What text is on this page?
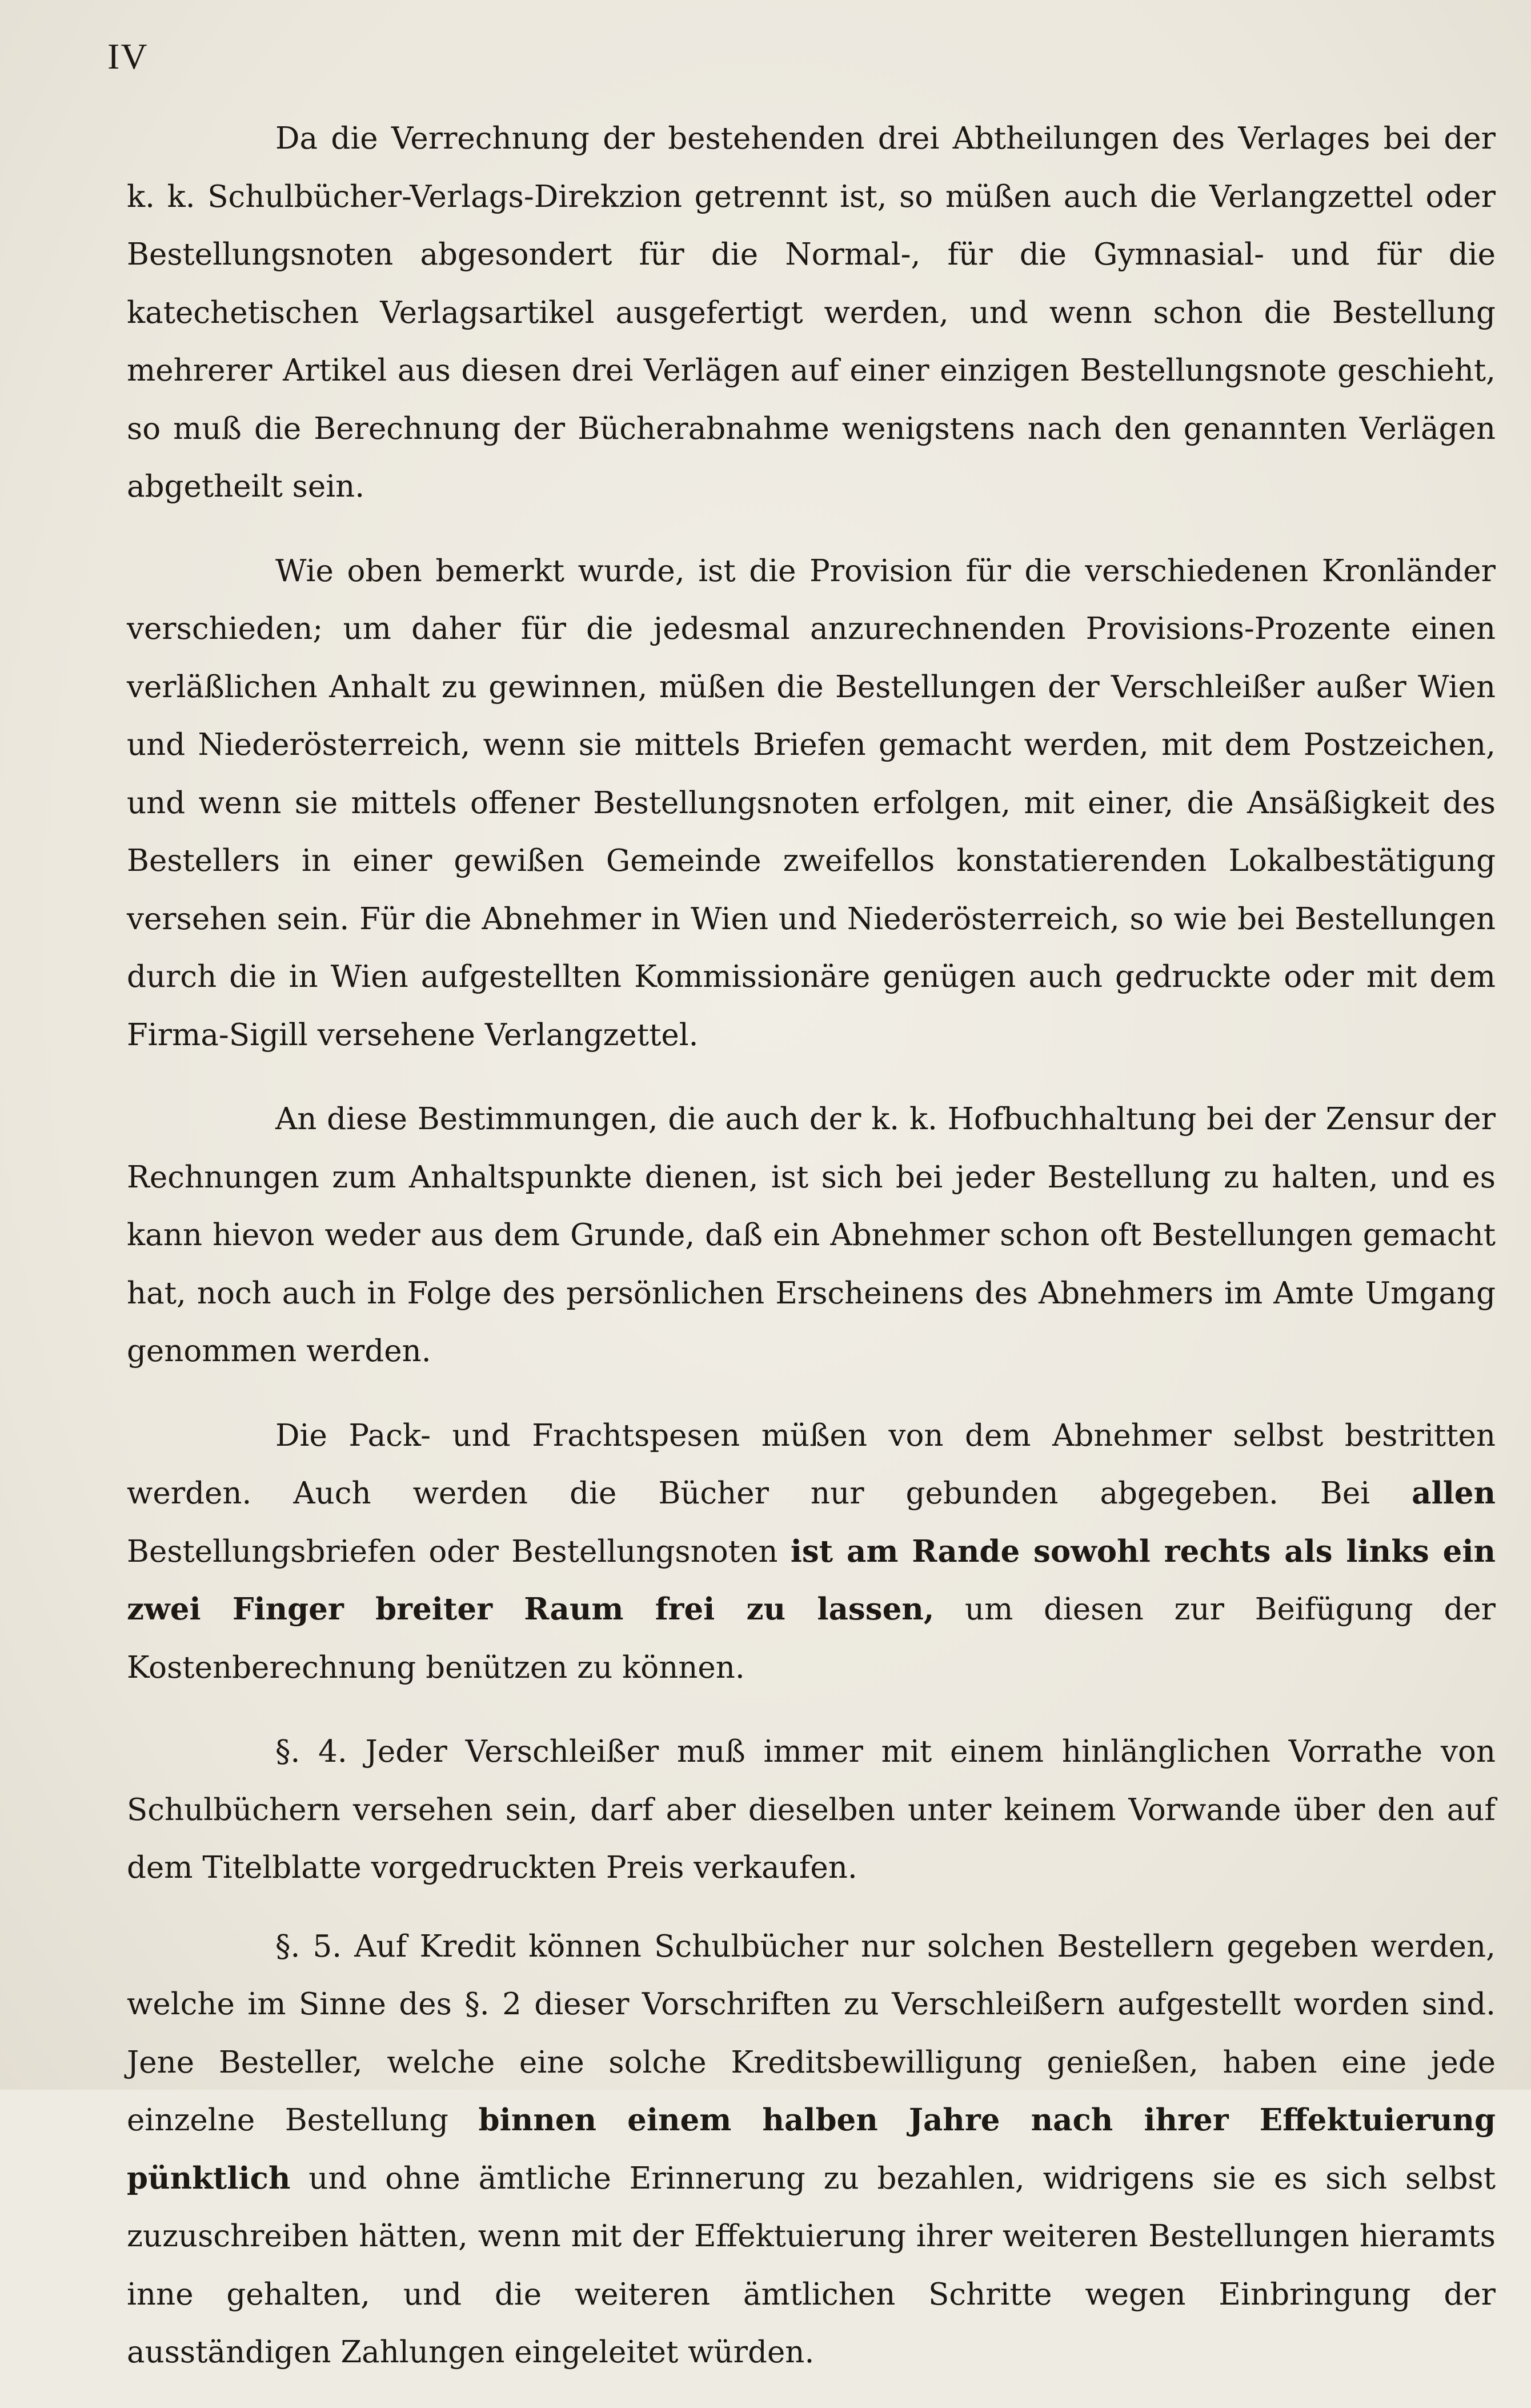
IV

Da die Verrechnung der bestehenden drei Abtheilungen des Verlages bei der k. k. Schulbücher-Verlags-Direkzion getrennt ist, so müßen auch die Verlangzettel oder Bestellungsnoten abgesondert für die Normal-, für die Gymnasial- und für die katechetischen Verlagsartikel ausgefertigt werden, und wenn schon die Bestellung mehrerer Artikel aus diesen drei Verlägen auf einer einzigen Bestellungsnote geschieht, so muß die Berechnung der Bücherabnahme wenigstens nach den genannten Verlägen abgetheilt sein.

Wie oben bemerkt wurde, ist die Provision für die verschiedenen Kronländer verschieden; um daher für die jedesmal anzurechnenden Provisions-Prozente einen verläßlichen Anhalt zu gewinnen, müßen die Bestellungen der Verschleißer außer Wien und Niederösterreich, wenn sie mittels Briefen gemacht werden, mit dem Postzeichen, und wenn sie mittels offener Bestellungsnoten erfolgen, mit einer, die Ansäßigkeit des Bestellers in einer gewißen Gemeinde zweifellos konstatierenden Lokalbestätigung versehen sein. Für die Abnehmer in Wien und Niederösterreich, so wie bei Bestellungen durch die in Wien aufgestellten Kommissionäre genügen auch gedruckte oder mit dem Firma-Sigill versehene Verlangzettel.

An diese Bestimmungen, die auch der k. k. Hofbuchhaltung bei der Zensur der Rechnungen zum Anhaltspunkte dienen, ist sich bei jeder Bestellung zu halten, und es kann hievon weder aus dem Grunde, daß ein Abnehmer schon oft Bestellungen gemacht hat, noch auch in Folge des persönlichen Erscheinens des Abnehmers im Amte Umgang genommen werden.

Die Pack- und Frachtspesen müßen von dem Abnehmer selbst bestritten werden. Auch werden die Bücher nur gebunden abgegeben. Bei allen Bestellungsbriefen oder Bestellungsnoten ist am Rande sowohl rechts als links ein zwei Finger breiter Raum frei zu lassen, um diesen zur Beifügung der Kostenberechnung benützen zu können.

§. 4. Jeder Verschleißer muß immer mit einem hinlänglichen Vorrathe von Schulbüchern versehen sein, darf aber dieselben unter keinem Vorwande über den auf dem Titelblatte vorgedruckten Preis verkaufen.

§. 5. Auf Kredit können Schulbücher nur solchen Bestellern gegeben werden, welche im Sinne des §. 2 dieser Vorschriften zu Verschleißern aufgestellt worden sind. Jene Besteller, welche eine solche Kreditsbewilligung genießen, haben eine jede einzelne Bestellung binnen einem halben Jahre nach ihrer Effektuierung pünktlich und ohne ämtliche Erinnerung zu bezahlen, widrigens sie es sich selbst zuzuschreiben hätten, wenn mit der Effektuierung ihrer weiteren Bestellungen hieramts inne gehalten, und die weiteren ämtlichen Schritte wegen Einbringung der ausständigen Zahlungen eingeleitet würden.
